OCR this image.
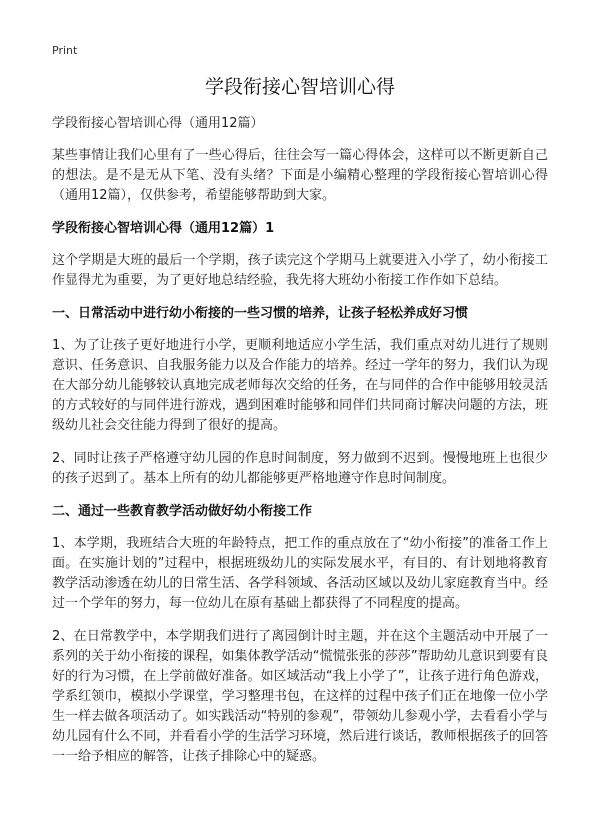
Print
学段衔接心智培训心得

学段衔接心智培训心得（通用12篇）

某些事情让我们心里有了一些心得后，往往会写一篇心得体会，这样可以不断更新自己的想法。是不是无从下笔、没有头绪？下面是小编精心整理的学段衔接心智培训心得（通用12篇），仅供参考，希望能够帮助到大家。

学段衔接心智培训心得（通用12篇）1

这个学期是大班的最后一个学期，孩子读完这个学期马上就要进入小学了，幼小衔接工作显得尤为重要，为了更好地总结经验，我先将大班幼小衔接工作作如下总结。

一、日常活动中进行幼小衔接的一些习惯的培养，让孩子轻松养成好习惯

1、为了让孩子更好地进行小学，更顺利地适应小学生活，我们重点对幼儿进行了规则意识、任务意识、自我服务能力以及合作能力的培养。经过一学年的努力，我们认为现在大部分幼儿能够较认真地完成老师每次交给的任务，在与同伴的合作中能够用较灵活的方式较好的与同伴进行游戏，遇到困难时能够和同伴们共同商讨解决问题的方法，班级幼儿社会交往能力得到了很好的提高。

2、同时让孩子严格遵守幼儿园的作息时间制度，努力做到不迟到。慢慢地班上也很少的孩子迟到了。基本上所有的幼儿都能够更严格地遵守作息时间制度。

二、通过一些教育教学活动做好幼小衔接工作

1、本学期，我班结合大班的年龄特点，把工作的重点放在了“幼小衔接”的准备工作上面。在实施计划的”过程中，根据班级幼儿的实际发展水平，有目的、有计划地将教育教学活动渗透在幼儿的日常生活、各学科领域、各活动区域以及幼儿家庭教育当中。经过一个学年的努力，每一位幼儿在原有基础上都获得了不同程度的提高。

2、在日常教学中，本学期我们进行了离园倒计时主题，并在这个主题活动中开展了一系列的关于幼小衔接的课程，如集体教学活动“慌慌张张的莎莎”帮助幼儿意识到要有良好的行为习惯，在上学前做好准备。如区域活动“我上小学了”，让孩子进行角色游戏，学系红领巾，模拟小学课堂，学习整理书包，在这样的过程中孩子们正在地像一位小学生一样去做各项活动了。如实践活动“特别的参观”，带领幼儿参观小学，去看看小学与幼儿园有什么不同，并看看小学的生活学习环境，然后进行谈话，教师根据孩子的回答一一给予相应的解答，让孩子排除心中的疑惑。
